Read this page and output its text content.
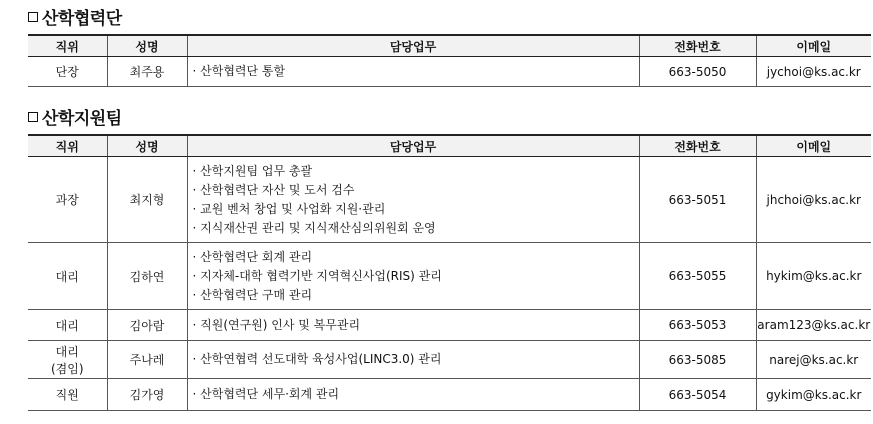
산학협력단
직위	성명	담당업무	전화번호	이메일
단장	최주용	· 산학협력단 통할	663-5050	jychoi@ks.ac.kr
산학지원팀
직위	성명	담당업무	전화번호	이메일
과장	최지형	· 산학지원팀 업무 총괄
· 산학협력단 자산 및 도서 검수
· 교원 벤처 창업 및 사업화 지원·관리
· 지식재산권 관리 및 지식재산심의위원회 운영	663-5051	jhchoi@ks.ac.kr
대리	김하연	· 산학협력단 회계 관리
· 지자체-대학 협력기반 지역혁신사업(RIS) 관리
· 산학협력단 구매 관리	663-5055	hykim@ks.ac.kr
대리	김아람	· 직원(연구원) 인사 및 복무관리	663-5053	aram123@ks.ac.kr

대리
(겸임)	주나레	· 산학연협력 선도대학 육성사업(LINC3.0) 관리	663-5085	narej@ks.ac.kr
직원	김가영	· 산학협력단 세무·회계 관리	663-5054	gykim@ks.ac.kr
